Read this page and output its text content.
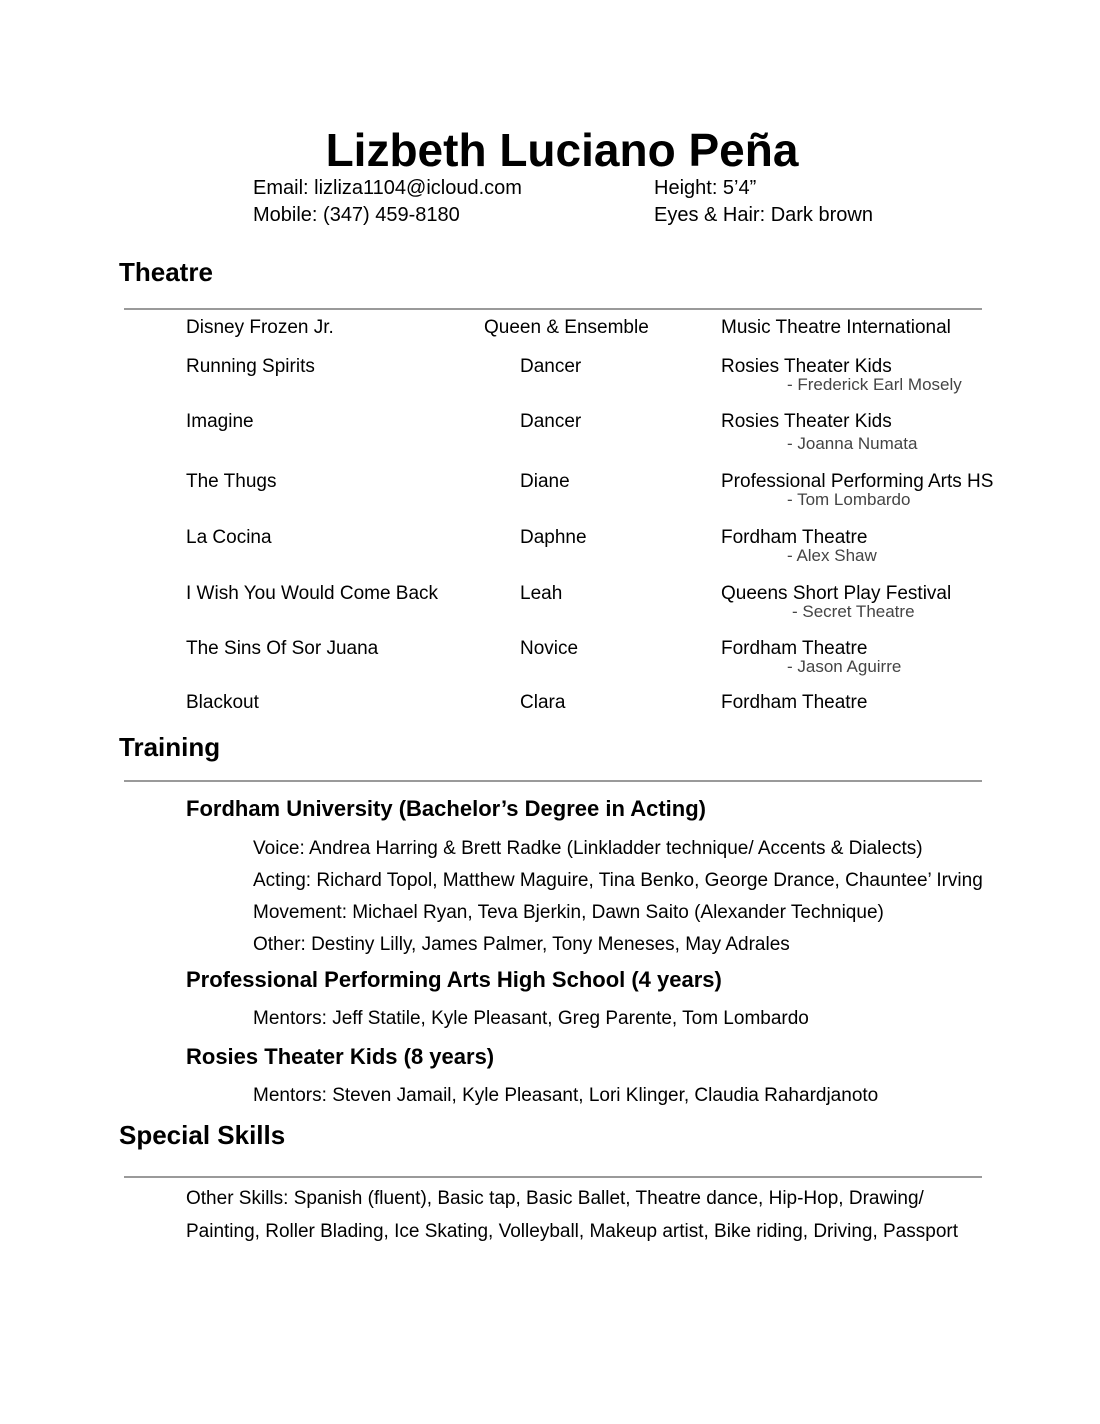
Lizbeth Luciano Peña
Email: lizliza1104@icloud.com
Mobile: (347) 459-8180
Height: 5’4”
Eyes & Hair: Dark brown
Theatre
Disney Frozen Jr.	Queen & Ensemble	Music Theatre International
Running Spirits	Dancer	Rosies Theater Kids
- Frederick Earl Mosely
Imagine	Dancer	Rosies Theater Kids
- Joanna Numata
The Thugs	Diane	Professional Performing Arts HS
- Tom Lombardo
La Cocina	Daphne	Fordham Theatre
- Alex Shaw
I Wish You Would Come Back	Leah	Queens Short Play Festival
- Secret Theatre
The Sins Of Sor Juana	Novice	Fordham Theatre
- Jason Aguirre
Blackout	Clara	Fordham Theatre
Training
Fordham University (Bachelor’s Degree in Acting)
Voice: Andrea Harring & Brett Radke (Linkladder technique/ Accents & Dialects)
Acting: Richard Topol, Matthew Maguire, Tina Benko, George Drance, Chauntee’ Irving
Movement: Michael Ryan, Teva Bjerkin, Dawn Saito (Alexander Technique)
Other: Destiny Lilly, James Palmer, Tony Meneses, May Adrales
Professional Performing Arts High School (4 years)
Mentors: Jeff Statile, Kyle Pleasant, Greg Parente, Tom Lombardo
Rosies Theater Kids (8 years)
Mentors: Steven Jamail, Kyle Pleasant, Lori Klinger, Claudia Rahardjanoto
Special Skills
Other Skills: Spanish (fluent), Basic tap, Basic Ballet, Theatre dance, Hip-Hop, Drawing/
Painting, Roller Blading, Ice Skating, Volleyball, Makeup artist, Bike riding, Driving, Passport
